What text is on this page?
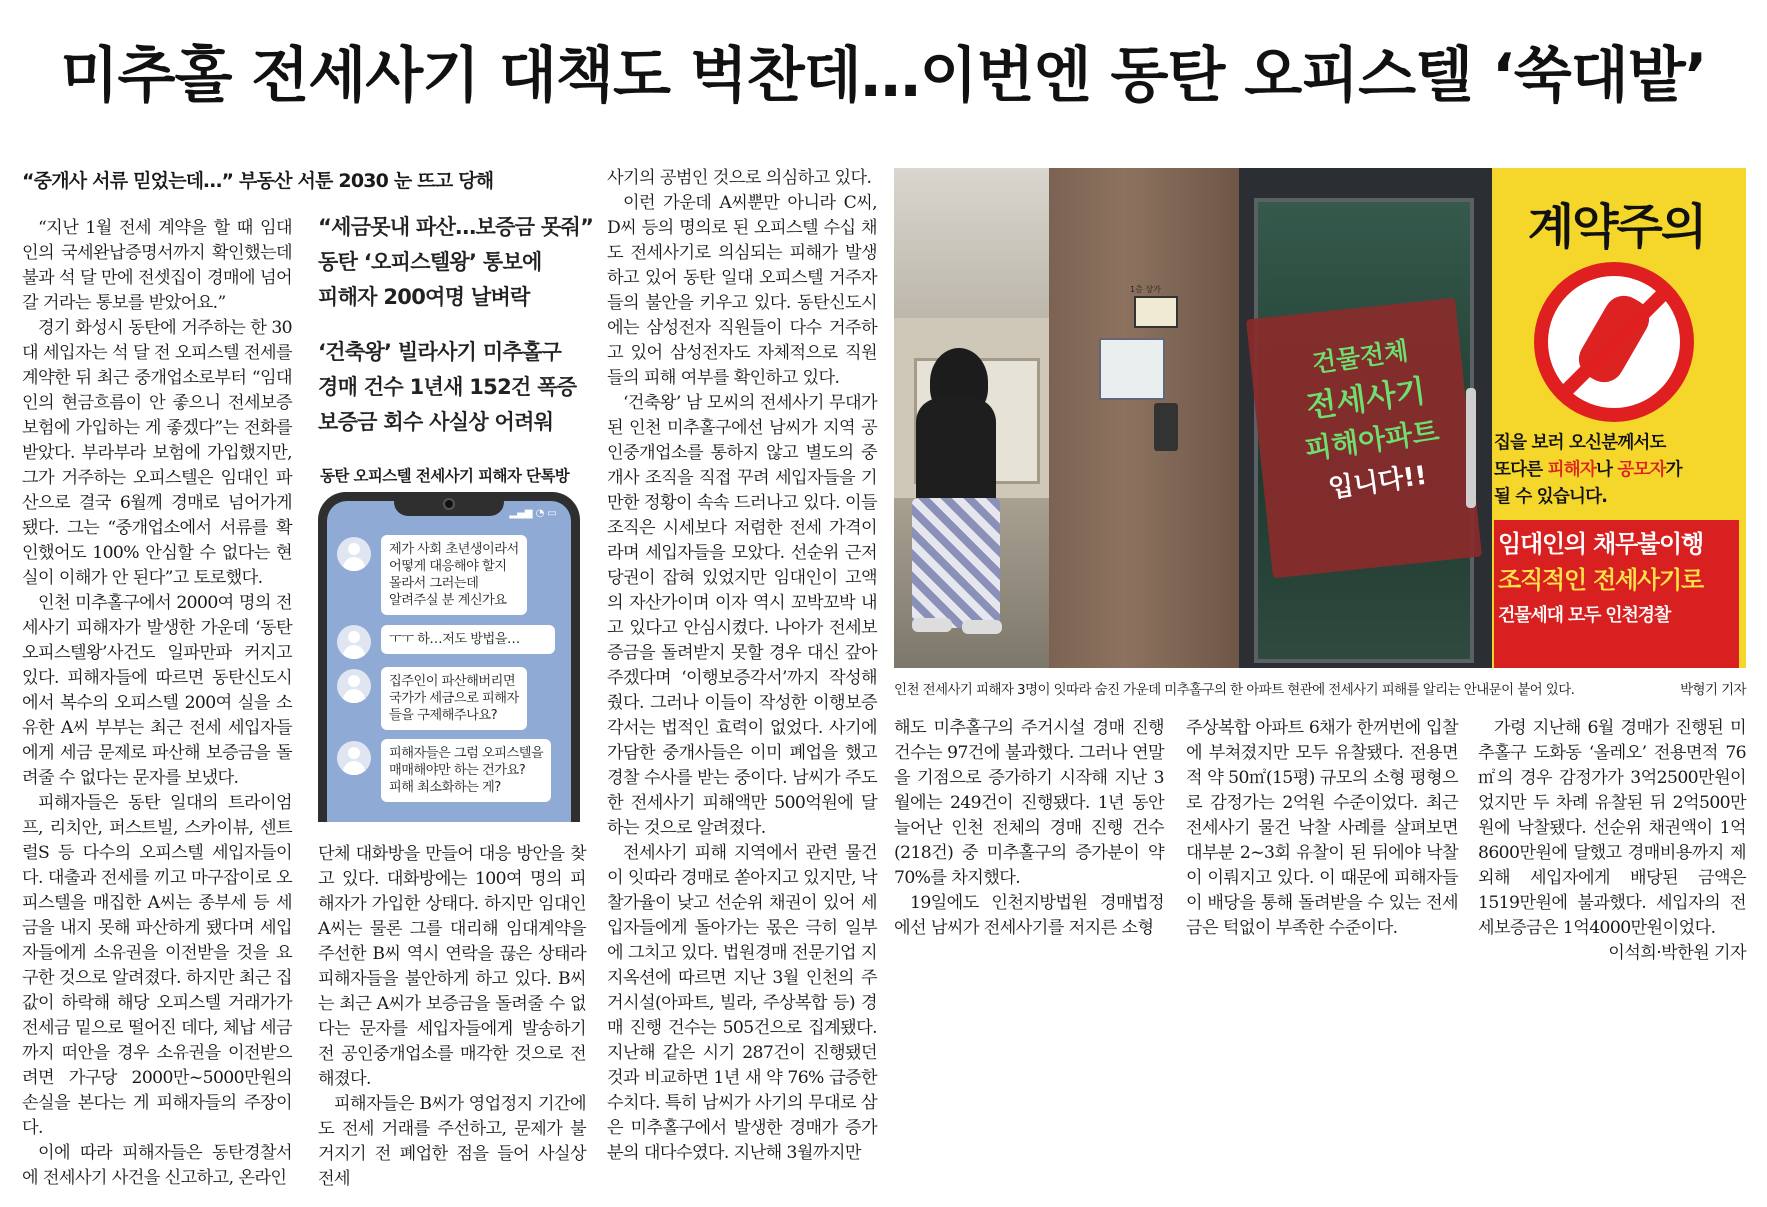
미추홀 전세사기 대책도 벅찬데…이번엔 동탄 오피스텔 ‘쑥대밭’
“중개사 서류 믿었는데…” 부동산 서툰 2030 눈 뜨고 당해

“지난 1월 전세 계약을 할 때 임대인의 국세완납증명서까지 확인했는데 불과 석 달 만에 전셋집이 경매에 넘어갈 거라는 통보를 받았어요.”

경기 화성시 동탄에 거주하는 한 30대 세입자는 석 달 전 오피스텔 전세를 계약한 뒤 최근 중개업소로부터 “임대인의 현금흐름이 안 좋으니 전세보증보험에 가입하는 게 좋겠다”는 전화를 받았다. 부라부라 보험에 가입했지만, 그가 거주하는 오피스텔은 임대인 파산으로 결국 6월께 경매로 넘어가게 됐다. 그는 “중개업소에서 서류를 확인했어도 100% 안심할 수 없다는 현실이 이해가 안 된다”고 토로했다.

인천 미추홀구에서 2000여 명의 전세사기 피해자가 발생한 가운데 ‘동탄 오피스텔왕’사건도 일파만파 커지고 있다. 피해자들에 따르면 동탄신도시에서 복수의 오피스텔 200여 실을 소유한 A씨 부부는 최근 전세 세입자들에게 세금 문제로 파산해 보증금을 돌려줄 수 없다는 문자를 보냈다.

피해자들은 동탄 일대의 트라이엄프, 리치안, 퍼스트빌, 스카이뷰, 센트럴S 등 다수의 오피스텔 세입자들이다. 대출과 전세를 끼고 마구잡이로 오피스텔을 매집한 A씨는 종부세 등 세금을 내지 못해 파산하게 됐다며 세입자들에게 소유권을 이전받을 것을 요구한 것으로 알려졌다. 하지만 최근 집값이 하락해 해당 오피스텔 거래가가 전세금 밑으로 떨어진 데다, 체납 세금까지 떠안을 경우 소유권을 이전받으려면 가구당 2000만~5000만원의 손실을 본다는 게 피해자들의 주장이다.

이에 따라 피해자들은 동탄경찰서에 전세사기 사건을 신고하고, 온라인

“세금못내 파산…보증금 못줘”
동탄 ‘오피스텔왕’ 통보에
피해자 200여명 날벼락
‘건축왕’ 빌라사기 미추홀구
경매 건수 1년새 152건 폭증
보증금 회수 사실상 어려워
동탄 오피스텔 전세사기 피해자 단톡방
▂▄▆ ◔ ▭
제가 사회 초년생이라서
어떻게 대응해야 할지
몰라서 그러는데
알려주실 분 계신가요
ㅜㅜ 하…저도 방법을…
집주인이 파산해버리면
국가가 세금으로 피해자
들을 구제해주나요?
피해자들은 그럼 오피스텔을
매매해야만 하는 건가요?
피해 최소화하는 게?

단체 대화방을 만들어 대응 방안을 찾고 있다. 대화방에는 100여 명의 피해자가 가입한 상태다. 하지만 임대인 A씨는 물론 그를 대리해 임대계약을 주선한 B씨 역시 연락을 끊은 상태라 피해자들을 불안하게 하고 있다. B씨는 최근 A씨가 보증금을 돌려줄 수 없다는 문자를 세입자들에게 발송하기 전 공인중개업소를 매각한 것으로 전해졌다.

피해자들은 B씨가 영업정지 기간에도 전세 거래를 주선하고, 문제가 불거지기 전 폐업한 점을 들어 사실상 전세

사기의 공범인 것으로 의심하고 있다.

이런 가운데 A씨뿐만 아니라 C씨, D씨 등의 명의로 된 오피스텔 수십 채도 전세사기로 의심되는 피해가 발생하고 있어 동탄 일대 오피스텔 거주자들의 불안을 키우고 있다. 동탄신도시에는 삼성전자 직원들이 다수 거주하고 있어 삼성전자도 자체적으로 직원들의 피해 여부를 확인하고 있다.

‘건축왕’ 남 모씨의 전세사기 무대가 된 인천 미추홀구에선 남씨가 지역 공인중개업소를 통하지 않고 별도의 중개사 조직을 직접 꾸려 세입자들을 기만한 정황이 속속 드러나고 있다. 이들 조직은 시세보다 저렴한 전세 가격이라며 세입자들을 모았다. 선순위 근저당권이 잡혀 있었지만 임대인이 고액의 자산가이며 이자 역시 꼬박꼬박 내고 있다고 안심시켰다. 나아가 전세보증금을 돌려받지 못할 경우 대신 갚아주겠다며 ‘이행보증각서’까지 작성해줬다. 그러나 이들이 작성한 이행보증각서는 법적인 효력이 없었다. 사기에 가담한 중개사들은 이미 폐업을 했고 경찰 수사를 받는 중이다. 남씨가 주도한 전세사기 피해액만 500억원에 달하는 것으로 알려졌다.

전세사기 피해 지역에서 관련 물건이 잇따라 경매로 쏟아지고 있지만, 낙찰가율이 낮고 선순위 채권이 있어 세입자들에게 돌아가는 몫은 극히 일부에 그치고 있다. 법원경매 전문기업 지지옥션에 따르면 지난 3월 인천의 주거시설(아파트, 빌라, 주상복합 등) 경매 진행 건수는 505건으로 집계됐다. 지난해 같은 시기 287건이 진행됐던 것과 비교하면 1년 새 약 76% 급증한 수치다. 특히 남씨가 사기의 무대로 삼은 미추홀구에서 발생한 경매가 증가분의 대다수였다. 지난해 3월까지만

1층 상가
건물전체
전세사기
피해아파트
입니다!!
계약주의
집을 보러 오신분께서도
또다른 피해자나 공모자가
될 수 있습니다.
임대인의 채무불이행
조직적인 전세사기로
건물세대 모두 인천경찰
인천 전세사기 피해자 3명이 잇따라 숨진 가운데 미추홀구의 한 아파트 현관에 전세사기 피해를 알리는 안내문이 붙어 있다.	박형기 기자

해도 미추홀구의 주거시설 경매 진행 건수는 97건에 불과했다. 그러나 연말을 기점으로 증가하기 시작해 지난 3월에는 249건이 진행됐다. 1년 동안 늘어난 인천 전체의 경매 진행 건수(218건) 중 미추홀구의 증가분이 약 70%를 차지했다.

19일에도 인천지방법원 경매법정에선 남씨가 전세사기를 저지른 소형

주상복합 아파트 6채가 한꺼번에 입찰에 부쳐졌지만 모두 유찰됐다. 전용면적 약 50㎡(15평) 규모의 소형 평형으로 감정가는 2억원 수준이었다. 최근 전세사기 물건 낙찰 사례를 살펴보면 대부분 2~3회 유찰이 된 뒤에야 낙찰이 이뤄지고 있다. 이 때문에 피해자들이 배당을 통해 돌려받을 수 있는 전세금은 턱없이 부족한 수준이다.

가령 지난해 6월 경매가 진행된 미추홀구 도화동 ‘올레오’ 전용면적 76㎡의 경우 감정가가 3억2500만원이었지만 두 차례 유찰된 뒤 2억500만원에 낙찰됐다. 선순위 채권액이 1억8600만원에 달했고 경매비용까지 제외해 세입자에게 배당된 금액은 1519만원에 불과했다. 세입자의 전세보증금은 1억4000만원이었다.

이석희·박한원 기자
